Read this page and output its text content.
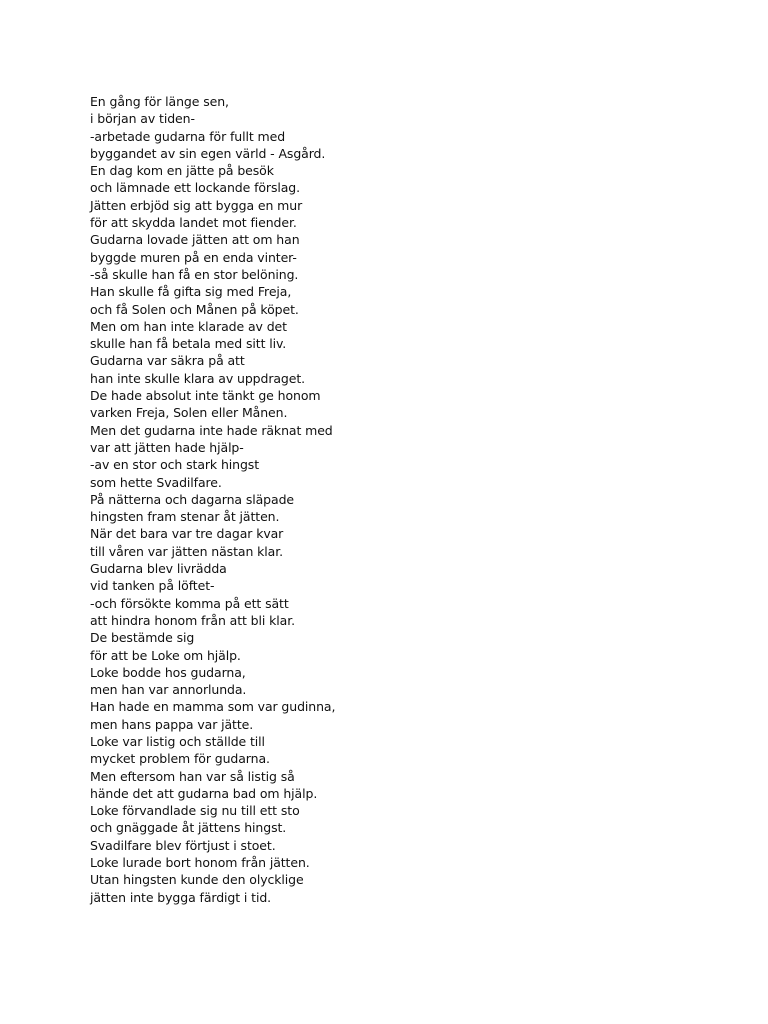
En gång för länge sen,
i början av tiden-
-arbetade gudarna för fullt med
byggandet av sin egen värld - Asgård.
En dag kom en jätte på besök
och lämnade ett lockande förslag.
Jätten erbjöd sig att bygga en mur
för att skydda landet mot fiender.
Gudarna lovade jätten att om han
byggde muren på en enda vinter-
-så skulle han få en stor belöning.
Han skulle få gifta sig med Freja,
och få Solen och Månen på köpet.
Men om han inte klarade av det
skulle han få betala med sitt liv.
Gudarna var säkra på att
han inte skulle klara av uppdraget.
De hade absolut inte tänkt ge honom
varken Freja, Solen eller Månen.
Men det gudarna inte hade räknat med
var att jätten hade hjälp-
-av en stor och stark hingst
som hette Svadilfare.
På nätterna och dagarna släpade
hingsten fram stenar åt jätten.
När det bara var tre dagar kvar
till våren var jätten nästan klar.
Gudarna blev livrädda
vid tanken på löftet-
-och försökte komma på ett sätt
att hindra honom från att bli klar.
De bestämde sig
för att be Loke om hjälp.
Loke bodde hos gudarna,
men han var annorlunda.
Han hade en mamma som var gudinna,
men hans pappa var jätte.
Loke var listig och ställde till
mycket problem för gudarna.
Men eftersom han var så listig så
hände det att gudarna bad om hjälp.
Loke förvandlade sig nu till ett sto
och gnäggade åt jättens hingst.
Svadilfare blev förtjust i stoet.
Loke lurade bort honom från jätten.
Utan hingsten kunde den olycklige
jätten inte bygga färdigt i tid.
